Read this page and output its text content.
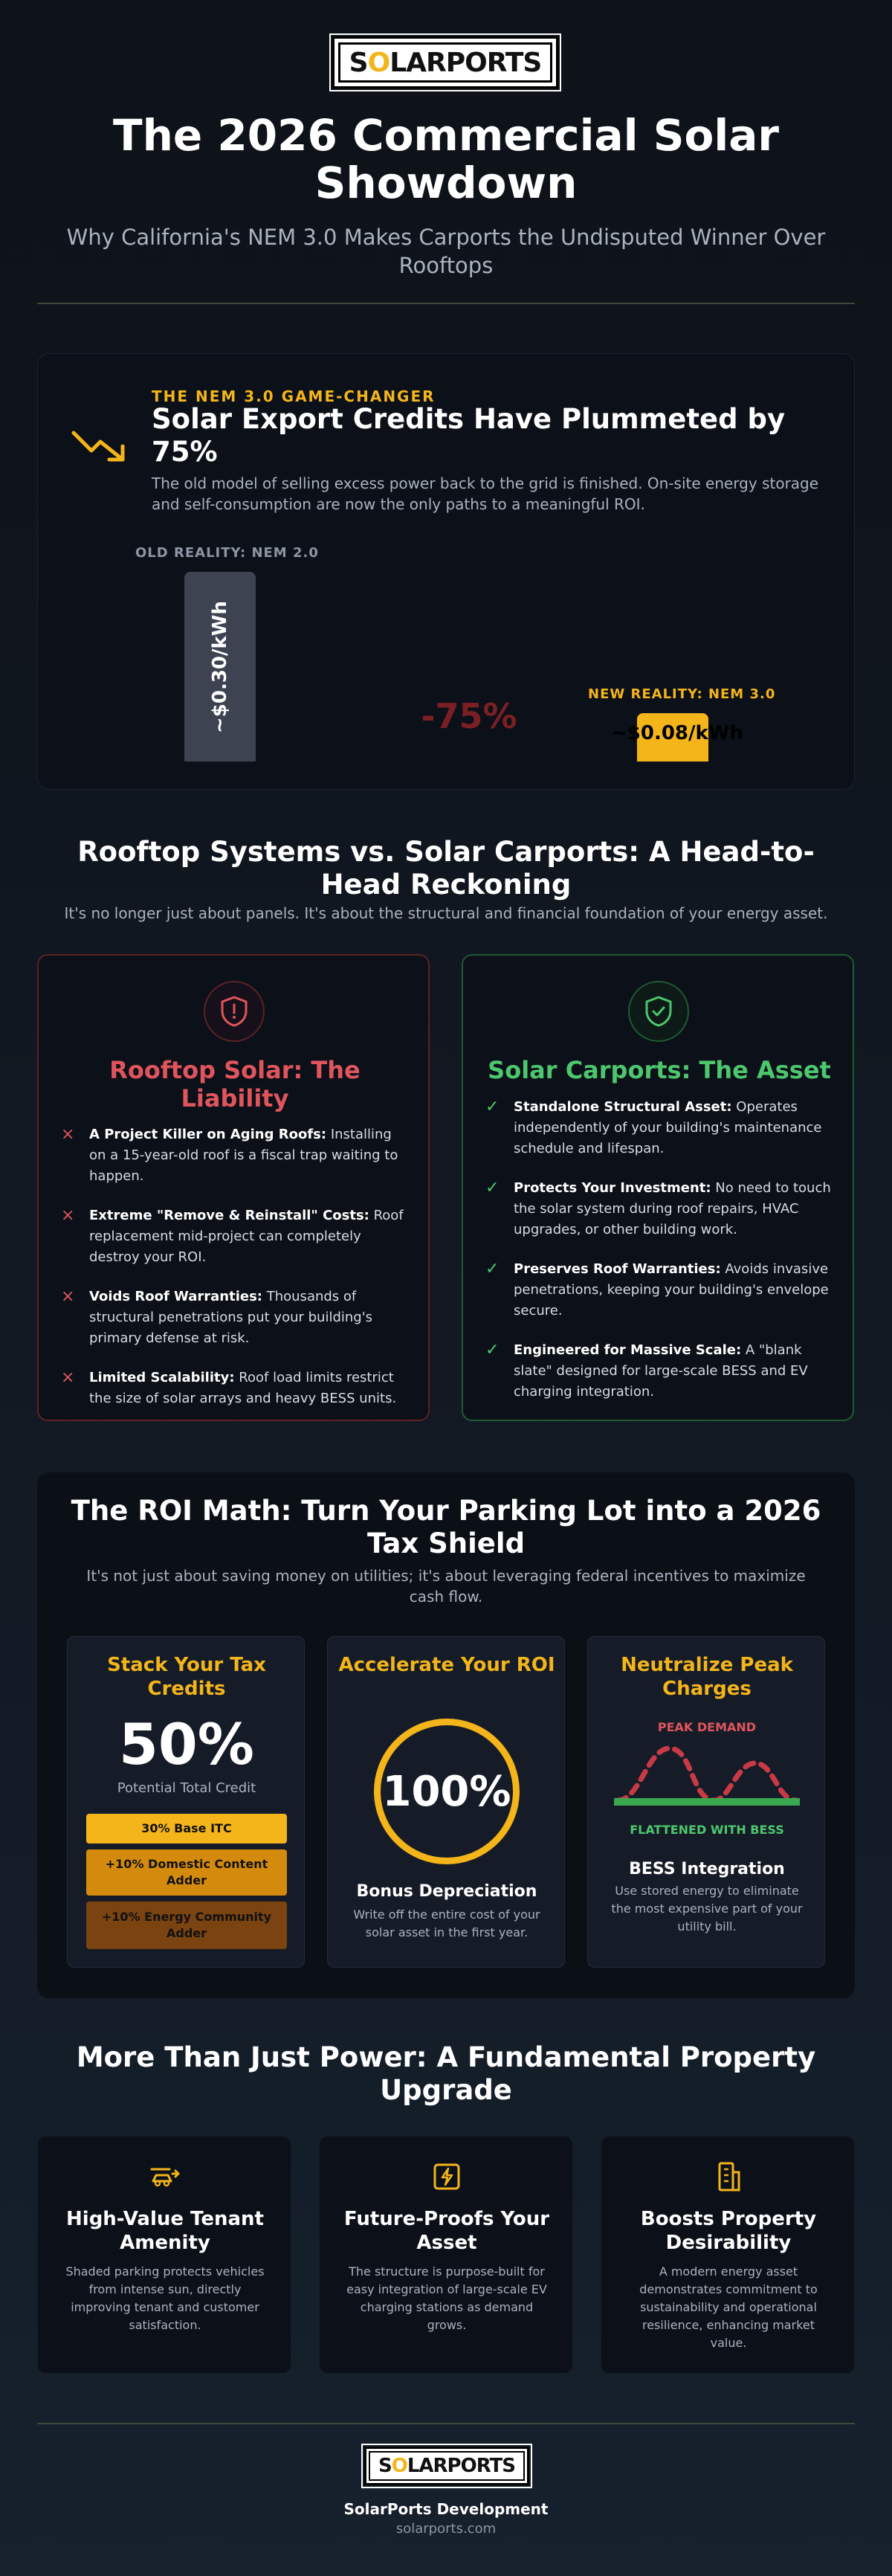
S O LARPORTS
The 2026 Commercial Solar Showdown

Why California's NEM 3.0 Makes Carports the Undisputed Winner Over Rooftops

THE NEM 3.0 GAME-CHANGER
Solar Export Credits Have Plummeted by 75%

The old model of selling excess power back to the grid is finished. On-site energy storage and self-consumption are now the only paths to a meaningful ROI.

OLD REALITY: NEM 2.0
~$0.30/kWh	-75%
NEW REALITY: NEM 3.0
~$0.08/kWh
Rooftop Systems vs. Solar Carports: A Head-to-Head Reckoning

It's no longer just about panels. It's about the structural and financial foundation of your energy asset.

Rooftop Solar: The Liability
× A Project Killer on Aging Roofs: Installing on a 15-year-old roof is a fiscal trap waiting to happen.
× Extreme "Remove & Reinstall" Costs: Roof replacement mid-project can completely destroy your ROI.
× Voids Roof Warranties: Thousands of structural penetrations put your building's primary defense at risk.
× Limited Scalability: Roof load limits restrict the size of solar arrays and heavy BESS units.
Solar Carports: The Asset
✓ Standalone Structural Asset: Operates independently of your building's maintenance schedule and lifespan.
✓ Protects Your Investment: No need to touch the solar system during roof repairs, HVAC upgrades, or other building work.
✓ Preserves Roof Warranties: Avoids invasive penetrations, keeping your building's envelope secure.
✓ Engineered for Massive Scale: A "blank slate" designed for large-scale BESS and EV charging integration.
The ROI Math: Turn Your Parking Lot into a 2026 Tax Shield

It's not just about saving money on utilities; it's about leveraging federal incentives to maximize cash flow.

Stack Your Tax Credits
50%
Potential Total Credit
30% Base ITC
+10% Domestic Content Adder
+10% Energy Community Adder
Accelerate Your ROI
100%
Bonus Depreciation
Write off the entire cost of your solar asset in the first year.
Neutralize Peak Charges
PEAK DEMAND
FLATTENED WITH BESS
BESS Integration
Use stored energy to eliminate the most expensive part of your utility bill.
More Than Just Power: A Fundamental Property Upgrade
High-Value Tenant Amenity

Shaded parking protects vehicles from intense sun, directly improving tenant and customer satisfaction.

Future-Proofs Your Asset

The structure is purpose-built for easy integration of large-scale EV charging stations as demand grows.

Boosts Property Desirability

A modern energy asset demonstrates commitment to sustainability and operational resilience, enhancing market value.

S O LARPORTS
SolarPorts Development
solarports.com
